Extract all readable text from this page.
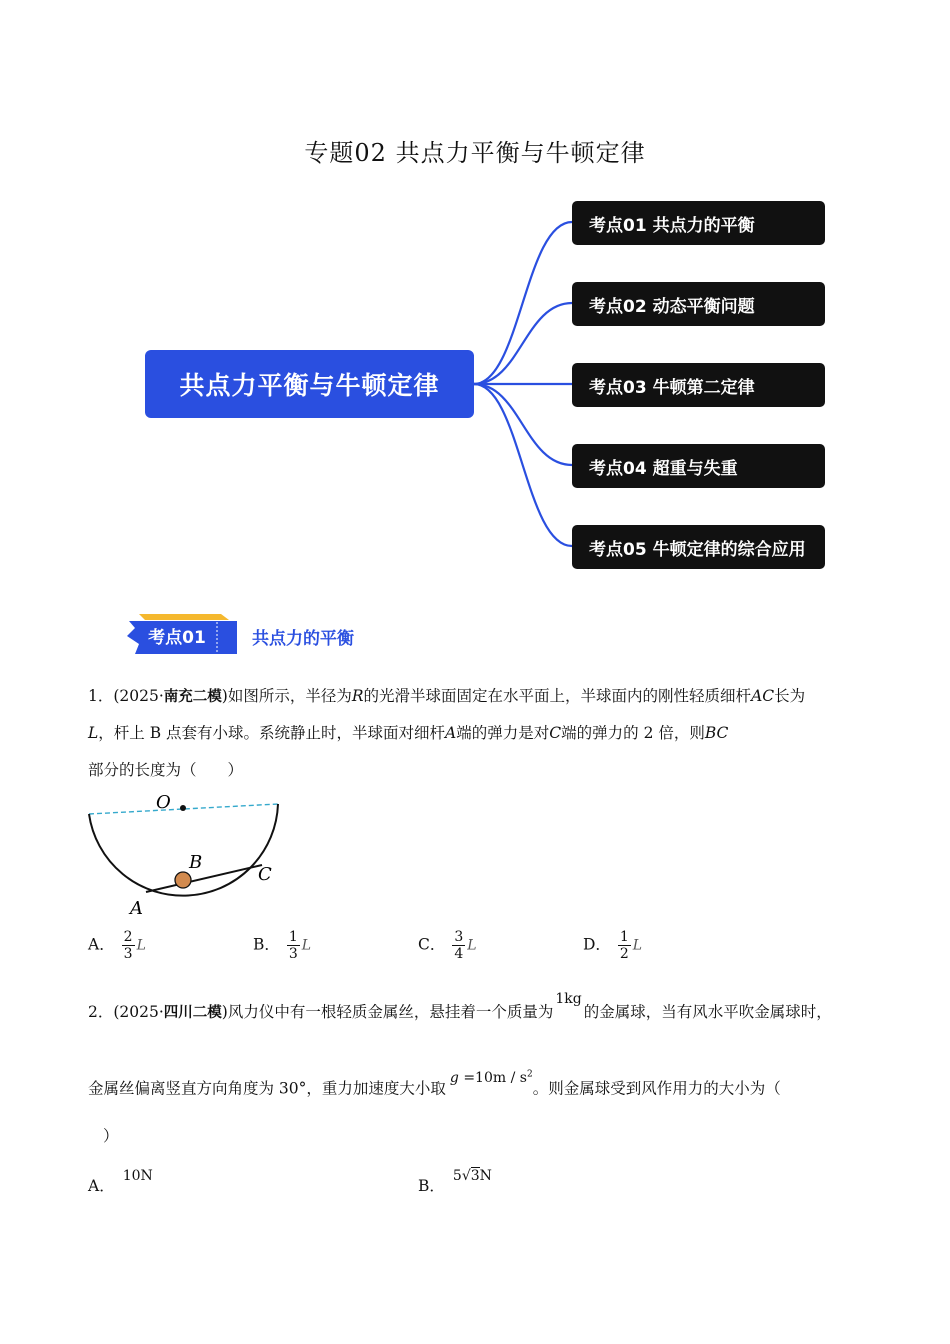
专题02 共点力平衡与牛顿定律
共点力平衡与牛顿定律
考点01 共点力的平衡
考点02 动态平衡问题
考点03 牛顿第二定律
考点04 超重与失重
考点05 牛顿定律的综合应用
考点01	共点力的平衡
1．(2025·南充二模)如图所示，半径为R的光滑半球面固定在水平面上，半球面内的刚性轻质细杆AC长为
L，杆上 B 点套有小球。系统静止时，半球面对细杆A端的弹力是对C端的弹力的 2 倍，则BC
部分的长度为（　　）
O
B
C
A
A． $\frac{2}{3}$ L	B． $\frac{1}{3}$ L	C． $\frac{3}{4}$ L	D． $\frac{1}{2}$ L
2．(2025·四川二模)风力仪中有一根轻质金属丝，悬挂着一个质量为1kg的金属球，当有风水平吹金属球时，
金属丝偏离竖直方向角度为 30°，重力加速度大小取$g =10m / s^2$。则金属球受到风作用力的大小为（
）
A．10N
B．5√3N
